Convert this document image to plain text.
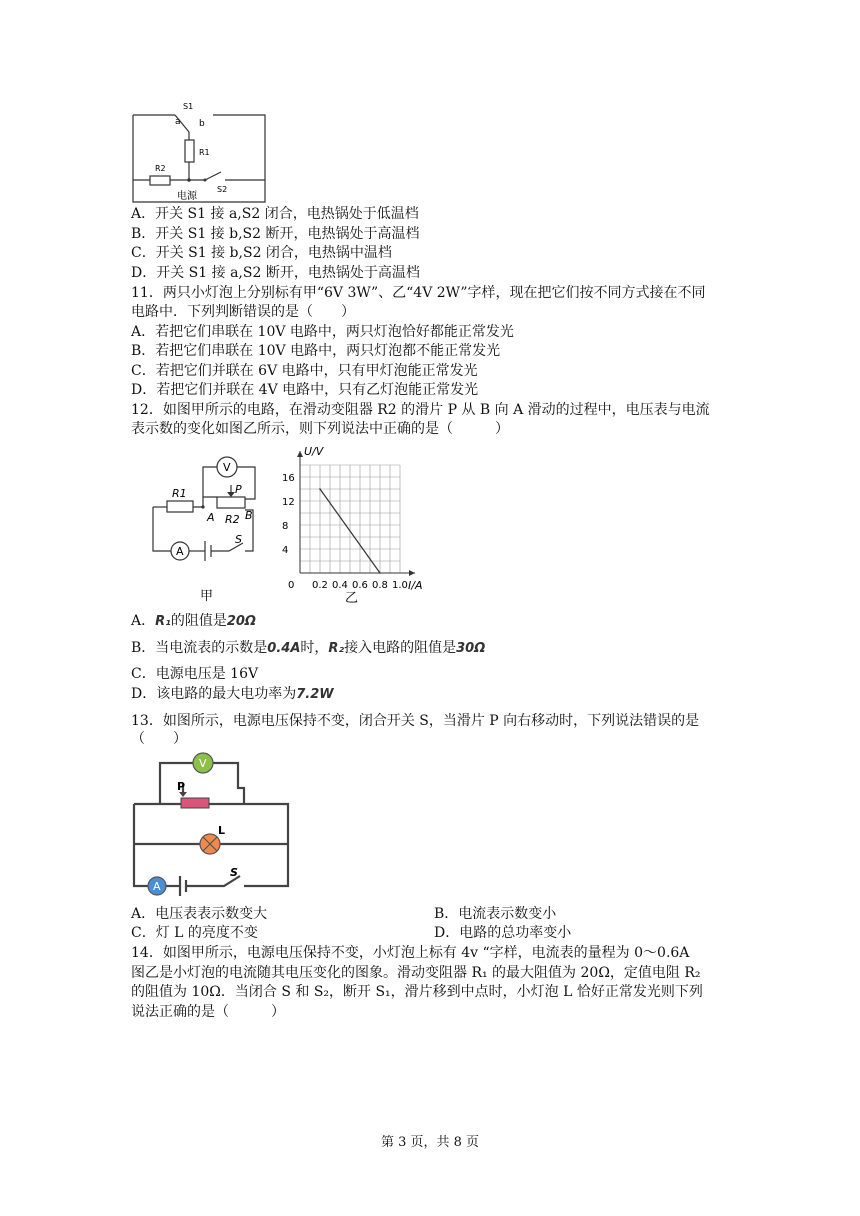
S1
a b
R1
R2
S2
电源
A．开关 S1 接 a,S2 闭合，电热锅处于低温档
B．开关 S1 接 b,S2 断开，电热锅处于高温档
C．开关 S1 接 b,S2 闭合，电热锅中温档
D．开关 S1 接 a,S2 断开，电热锅处于高温档
11．两只小灯泡上分别标有甲“6V 3W”、乙“4V 2W”字样，现在把它们按不同方式接在不同
电路中．下列判断错误的是（　　）
A．若把它们串联在 10V 电路中，两只灯泡恰好都能正常发光
B．若把它们串联在 10V 电路中，两只灯泡都不能正常发光
C．若把它们并联在 6V 电路中，只有甲灯泡能正常发光
D．若把它们并联在 4V 电路中，只有乙灯泡能正常发光
12．如图甲所示的电路，在滑动变阻器 R2 的滑片 P 从 B 向 A 滑动的过程中，电压表与电流
表示数的变化如图乙所示，则下列说法中正确的是（　　　）
V
A
P
R1
A R2 B
S
甲
0 0.2 0.4 0.6 0.8 1.0
4
8
12
16
U/V
I/A
乙
A．R₁的阻值是20Ω
B．当电流表的示数是0.4A时，R₂接入电路的阻值是30Ω
C．电源电压是 16V
D．该电路的最大电功率为7.2W
13．如图所示，电源电压保持不变，闭合开关 S，当滑片 P 向右移动时，下列说法错误的是
（　　）
V
A
P
L
S
A．电压表表示数变大	B．电流表示数变小
C．灯 L 的亮度不变	D．电路的总功率变小
14．如图甲所示，电源电压保持不变，小灯泡上标有 4v “字样，电流表的量程为 0～0.6A
图乙是小灯泡的电流随其电压变化的图象。滑动变阻器 R₁ 的最大阻值为 20Ω，定值电阻 R₂
的阻值为 10Ω．当闭合 S 和 S₂，断开 S₁，滑片移到中点时，小灯泡 L 恰好正常发光则下列
说法正确的是（　　　）
第 3 页，共 8 页
